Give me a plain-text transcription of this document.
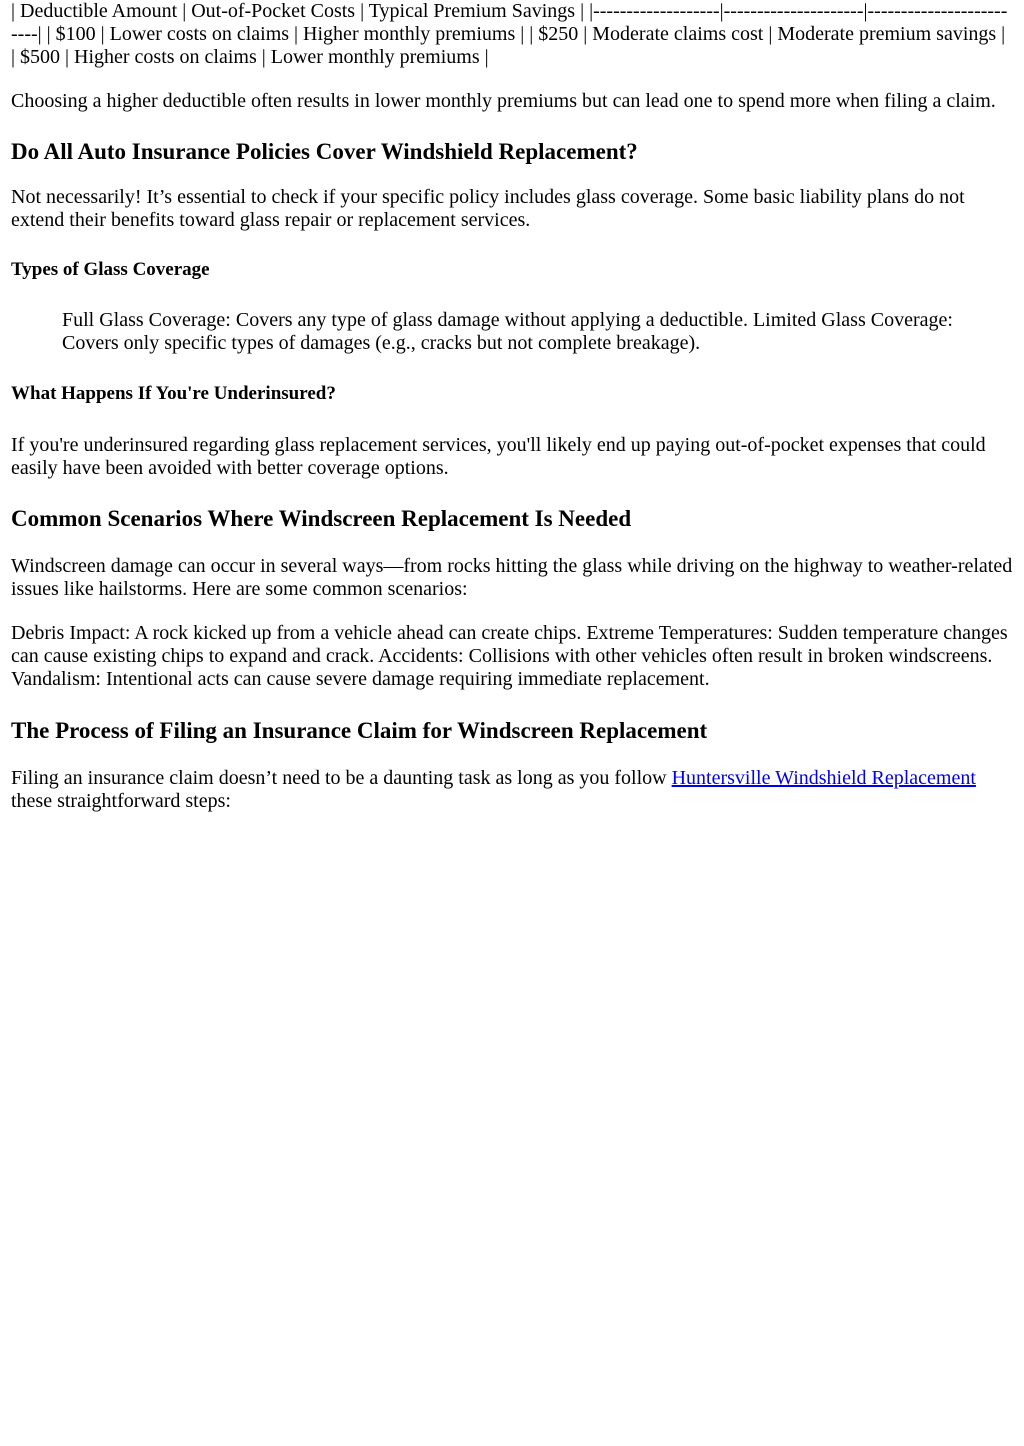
| Deductible Amount | Out-of-Pocket Costs | Typical Premium Savings | |-------------------|---------------------|-------------------------| | $100 | Lower costs on claims | Higher monthly premiums | | $250 | Moderate claims cost | Moderate premium savings | | $500 | Higher costs on claims | Lower monthly premiums |

Choosing a higher deductible often results in lower monthly premiums but can lead one to spend more when filing a claim.

Do All Auto Insurance Policies Cover Windshield Replacement?

Not necessarily! It’s essential to check if your specific policy includes glass coverage. Some basic liability plans do not extend their benefits toward glass repair or replacement services.

Types of Glass Coverage
Full Glass Coverage: Covers any type of glass damage without applying a deductible. Limited Glass Coverage: Covers only specific types of damages (e.g., cracks but not complete breakage).
What Happens If You're Underinsured?

If you're underinsured regarding glass replacement services, you'll likely end up paying out-of-pocket expenses that could easily have been avoided with better coverage options.

Common Scenarios Where Windscreen Replacement Is Needed

Windscreen damage can occur in several ways—from rocks hitting the glass while driving on the highway to weather-related issues like hailstorms. Here are some common scenarios:

Debris Impact: A rock kicked up from a vehicle ahead can create chips. Extreme Temperatures: Sudden temperature changes can cause existing chips to expand and crack. Accidents: Collisions with other vehicles often result in broken windscreens. Vandalism: Intentional acts can cause severe damage requiring immediate replacement.

The Process of Filing an Insurance Claim for Windscreen Replacement

Filing an insurance claim doesn’t need to be a daunting task as long as you follow Huntersville Windshield Replacement these straightforward steps:
